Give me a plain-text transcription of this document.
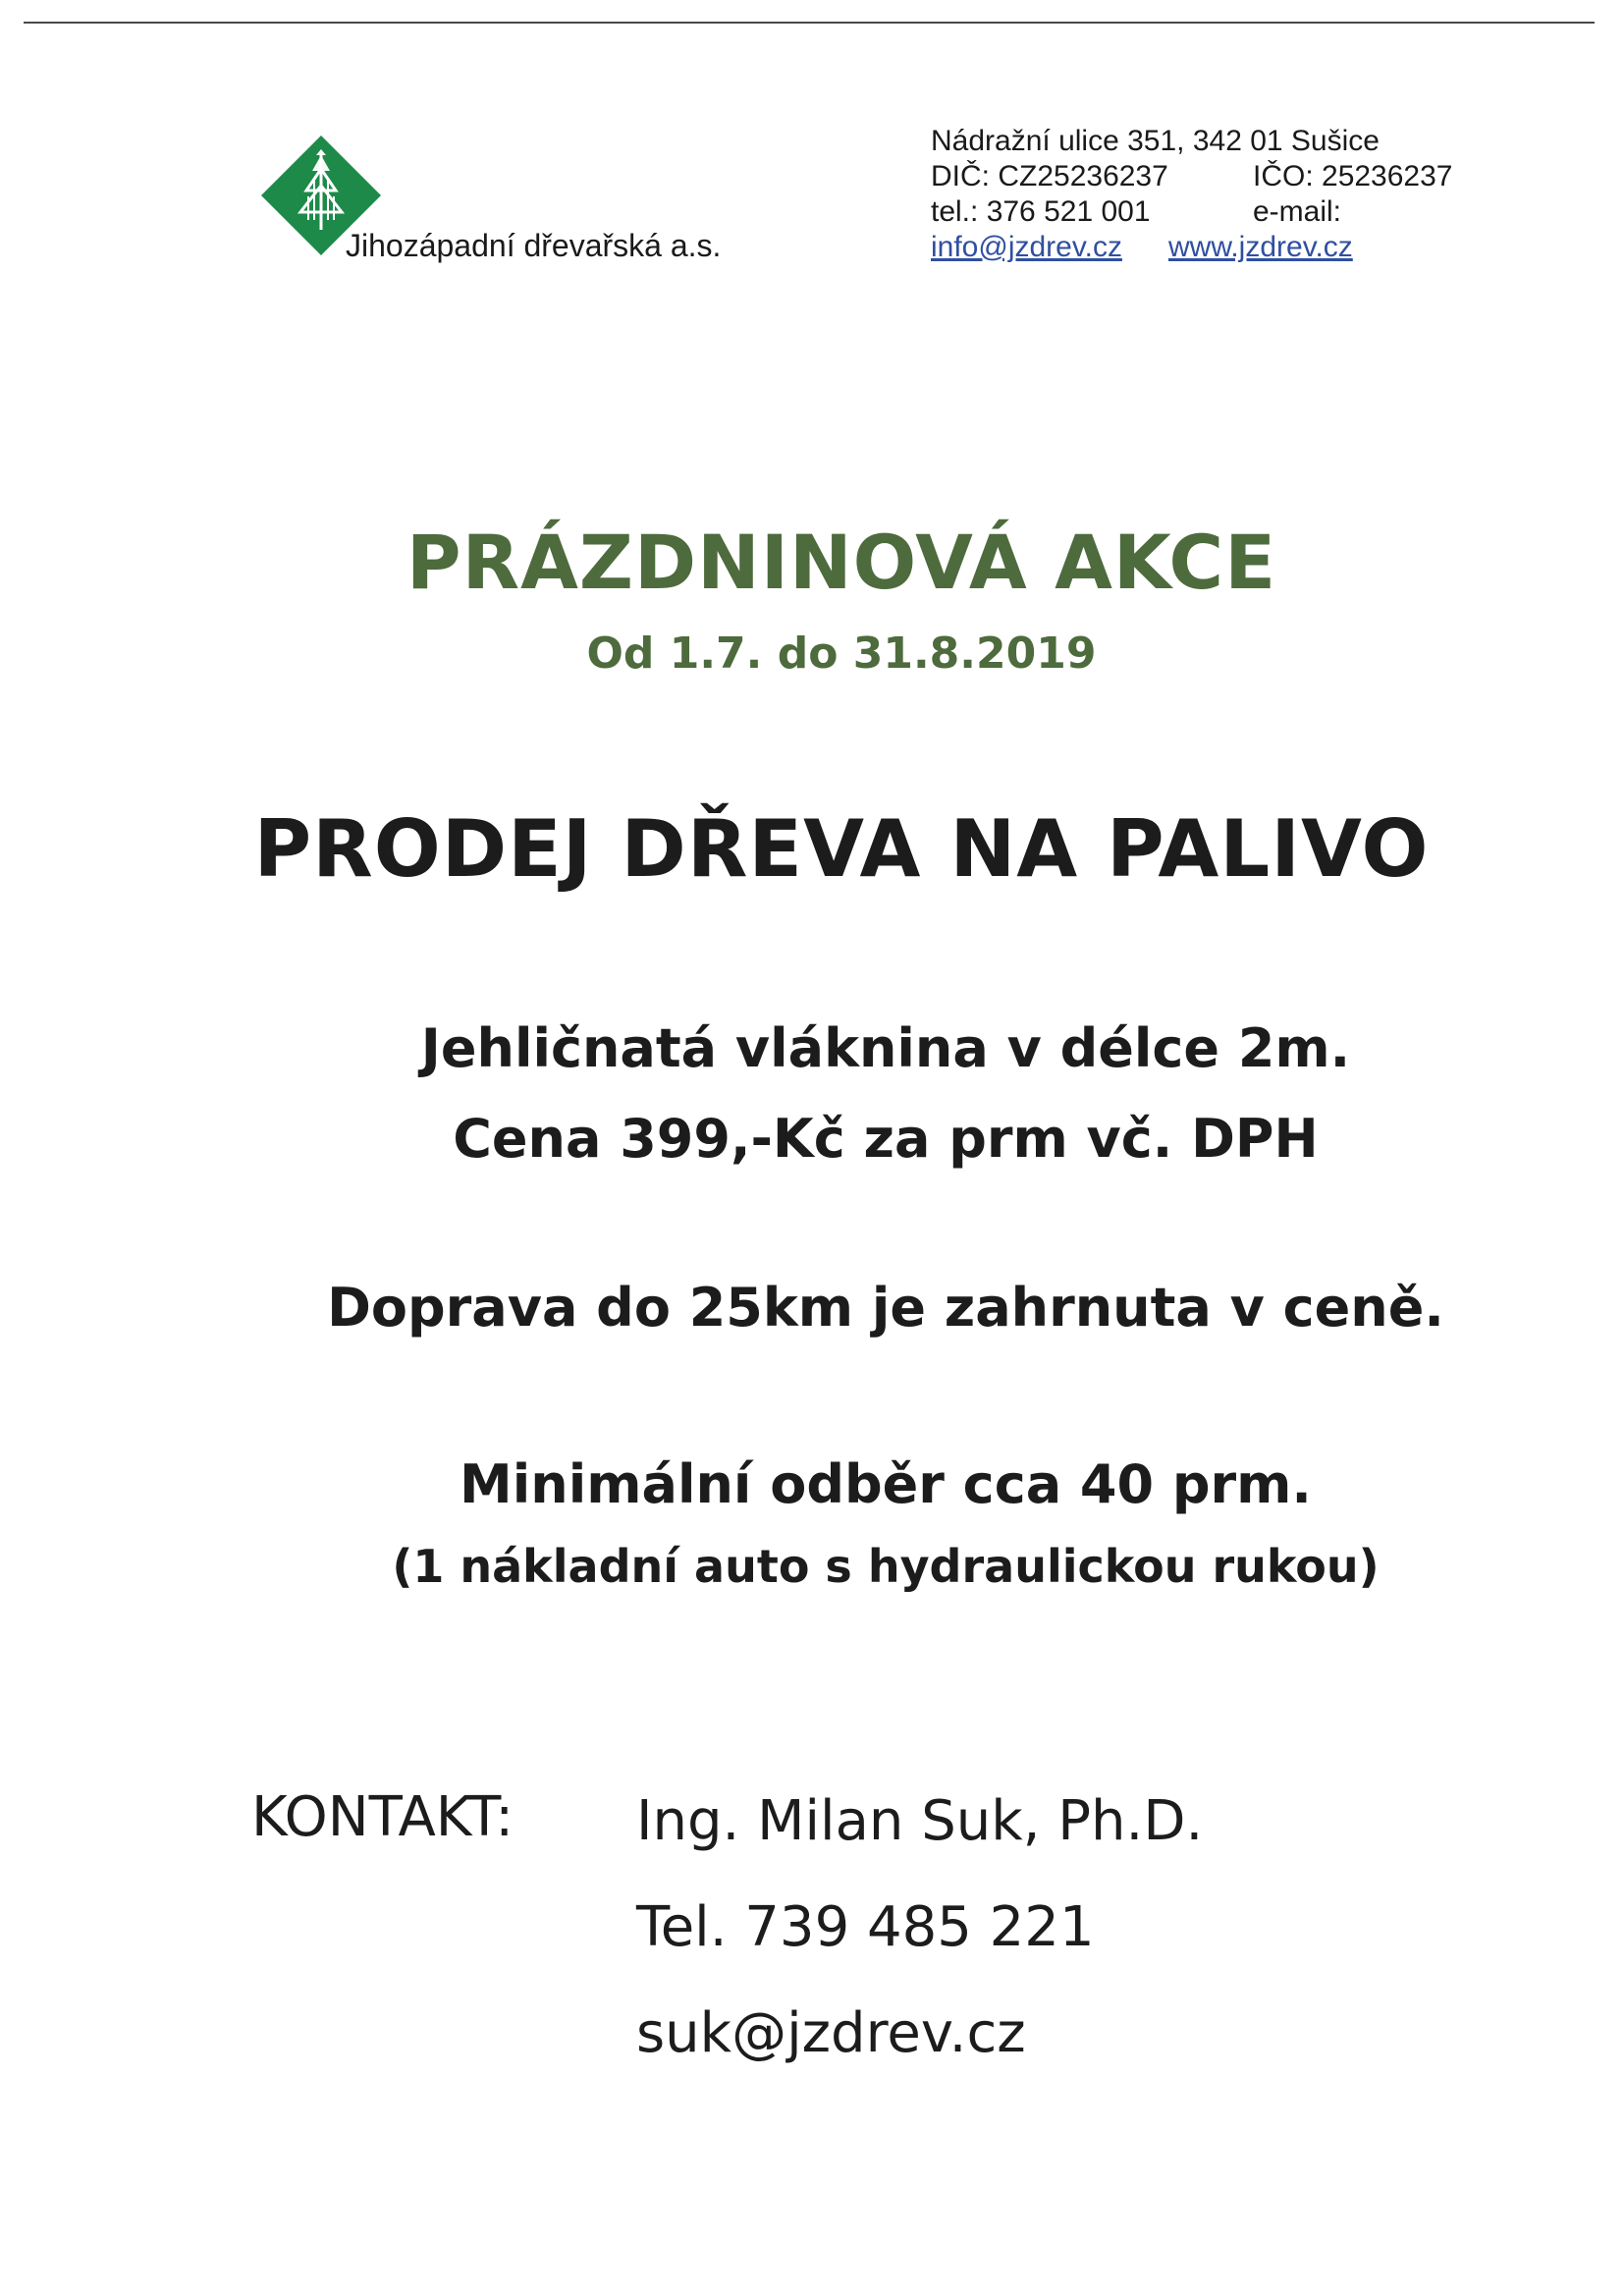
Jihozápadní dřevařská a.s.
Nádražní ulice 351, 342 01 Sušice
DIČ: CZ25236237	IČO: 25236237
tel.: 376 521 001	e-mail:
info@jzdrev.cz www.jzdrev.cz
PRÁZDNINOVÁ AKCE
Od 1.7. do 31.8.2019
PRODEJ DŘEVA NA PALIVO
Jehličnatá vláknina v délce 2m.
Cena 399,-Kč za prm vč. DPH
Doprava do 25km je zahrnuta v ceně.
Minimální odběr cca 40 prm.
(1 nákladní auto s hydraulickou rukou)
KONTAKT: Ing. Milan Suk, Ph.D.
Tel. 739 485 221
suk@jzdrev.cz
